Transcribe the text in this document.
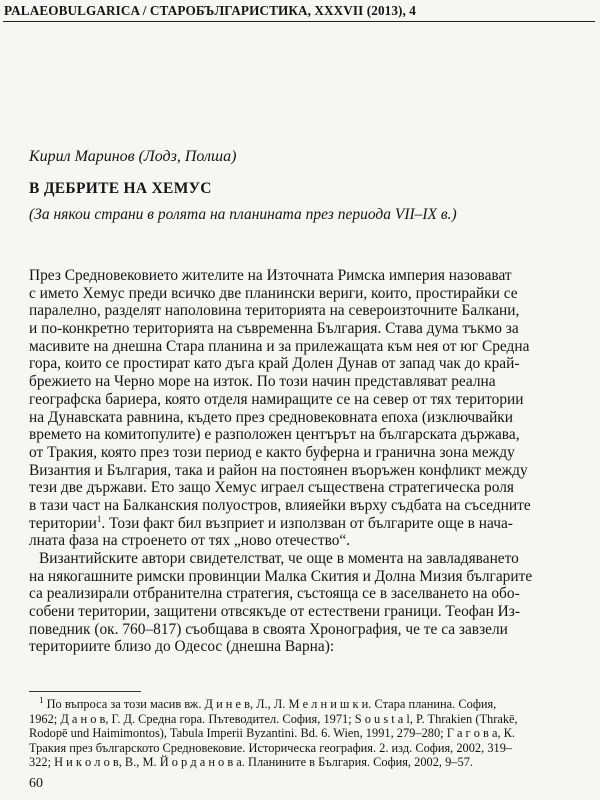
PALAEOBULGARICA / СТАРОБЪЛГАРИСТИКА, XXXVII (2013), 4
Кирил Маринов (Лодз, Полша)
В ДЕБРИТЕ НА ХЕМУС
(За някои страни в ролята на планината през периода VII–IX в.)
През Средновековието жителите на Източната Римска империя назовават
с името Хемус преди всичко две планински вериги, които, простирайки се
паралелно, разделят наполовина територията на североизточните Балкани,
и по-конкретно територията на съвременна България. Става дума тъкмо за
масивите на днешна Стара планина и за прилежащата към нея от юг Средна
гора, които се простират като дъга край Долен Дунав от запад чак до край-
брежието на Черно море на изток. По този начин представляват реална
географска бариера, която отделя намиращите се на север от тях територии
на Дунавската равнина, където през средновековната епоха (изключвайки
времето на комитопулите) е разположен центърът на българската държава,
от Тракия, която през този период е както буферна и гранична зона между
Византия и България, така и район на постоянен въоръжен конфликт между
тези две държави. Ето защо Хемус играел съществена стратегическа роля
в тази част на Балканския полуостров, влияейки върху съдбата на съседните
територии$^1$. Този факт бил възприет и използван от българите още в нача-
лната фаза на строенето от тях „ново отечество“.
Византийските автори свидетелстват, че още в момента на завладяването
на някогашните римски провинции Малка Скития и Долна Мизия българите
са реализирали отбранителна стратегия, състояща се в заселването на обо-
собени територии, защитени отвсякъде от естествени граници. Теофан Из-
поведник (ок. 760–817) съобщава в своята Хронография, че те са завзели
териториите близо до Одесос (днешна Варна):
$^1$ По въпроса за този масив вж. Д и н е в, Л., Л. М е л н и ш к и. Стара планина. София,
1962; Д а н о в, Г. Д. Средна гора. Пътеводител. София, 1971; S o u s t a l, P. Thrakien (Thrakē,
Rodopē und Haimimontos), Tabula Imperii Byzantini. Bd. 6. Wien, 1991, 279–280; Г а г о в а, К.
Тракия през българското Средновековие. Историческа география. 2. изд. София, 2002, 319–
322; Н и к о л о в, В., М. Й о р д а н о в а. Планините в България. София, 2002, 9–57.
60
